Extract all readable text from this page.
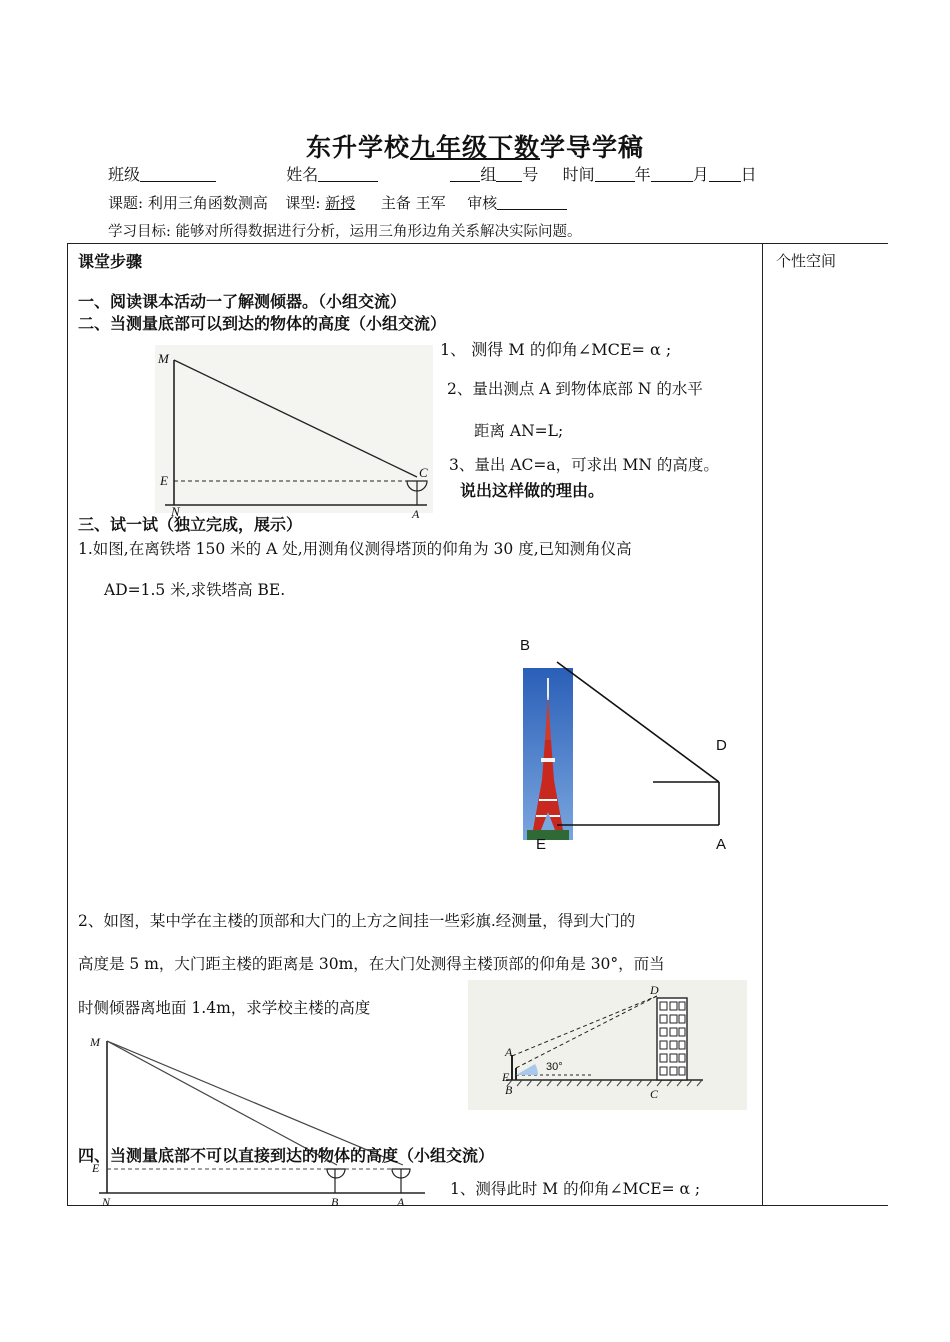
东升学校九年级下数学导学稿
班级	姓名	组 号 时间	年	月 日
课题: 利用三角函数测高 课型: 新授 主备 王军 审核
学习目标: 能够对所得数据进行分析，运用三角形边角关系解决实际问题。
个性空间
课堂步骤
一、阅读课本活动一了解测倾器。（小组交流）
二、当测量底部可以到达的物体的高度（小组交流）
M
E
N
C
A
1、 测得 M 的仰角∠MCE= α ;
2、量出测点 A 到物体底部 N 的水平
距离 AN=L;
3、量出 AC=a，可求出 MN 的高度。
说出这样做的理由。
三、试一试（独立完成，展示）
1.如图,在离铁塔 150 米的 A 处,用测角仪测得塔顶的仰角为 30 度,已知测角仪高
AD=1.5 米,求铁塔高 BE.
B
D
E	A
2、如图，某中学在主楼的顶部和大门的上方之间挂一些彩旗.经测量，得到大门的
高度是 5 m，大门距主楼的距离是 30m，在大门处测得主楼顶部的仰角是 30°，而当
时侧倾器离地面 1.4m，求学校主楼的高度
D
A
E
B	C
30°
M
E
N	B	A
四、当测量底部不可以直接到达的物体的高度（小组交流）
1、测得此时 M 的仰角∠MCE= α ;
